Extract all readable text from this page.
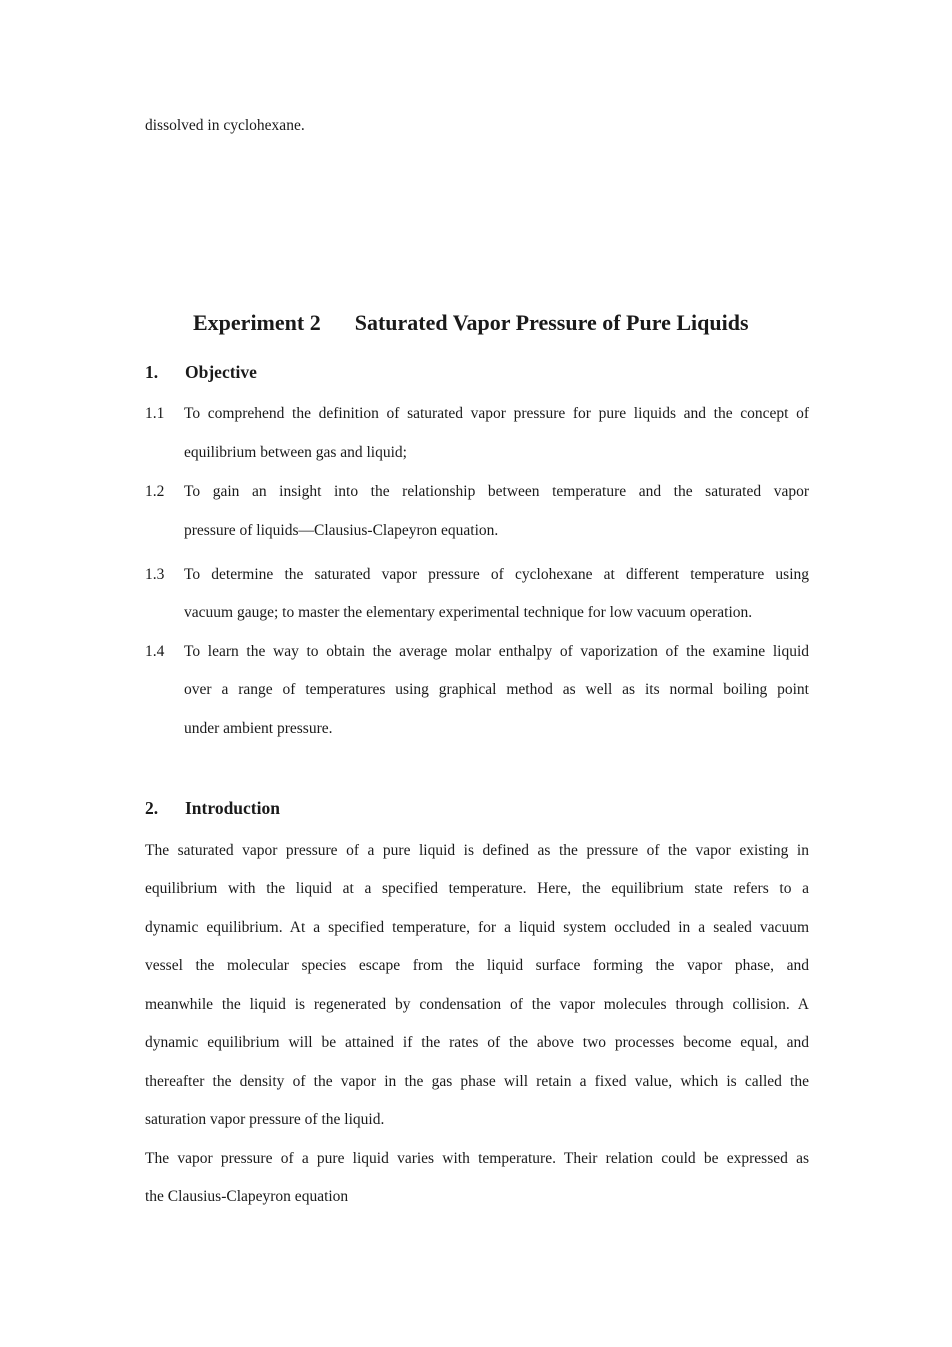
dissolved in cyclohexane.
Experiment 2 Saturated Vapor Pressure of Pure Liquids
1. Objective
1.1	To comprehend the definition of saturated vapor pressure for pure liquids and the concept of
equilibrium between gas and liquid;
1.2	To gain an insight into the relationship between temperature and the saturated vapor
pressure of liquids—Clausius-Clapeyron equation.
1.3	To determine the saturated vapor pressure of cyclohexane at different temperature using
vacuum gauge; to master the elementary experimental technique for low vacuum operation.
1.4	To learn the way to obtain the average molar enthalpy of vaporization of the examine liquid
over a range of temperatures using graphical method as well as its normal boiling point
under ambient pressure.
2. Introduction
The saturated vapor pressure of a pure liquid is defined as the pressure of the vapor existing in
equilibrium with the liquid at a specified temperature. Here, the equilibrium state refers to a
dynamic equilibrium. At a specified temperature, for a liquid system occluded in a sealed vacuum
vessel the molecular species escape from the liquid surface forming the vapor phase, and
meanwhile the liquid is regenerated by condensation of the vapor molecules through collision. A
dynamic equilibrium will be attained if the rates of the above two processes become equal, and
thereafter the density of the vapor in the gas phase will retain a fixed value, which is called the
saturation vapor pressure of the liquid.
The vapor pressure of a pure liquid varies with temperature. Their relation could be expressed as
the Clausius-Clapeyron equation
